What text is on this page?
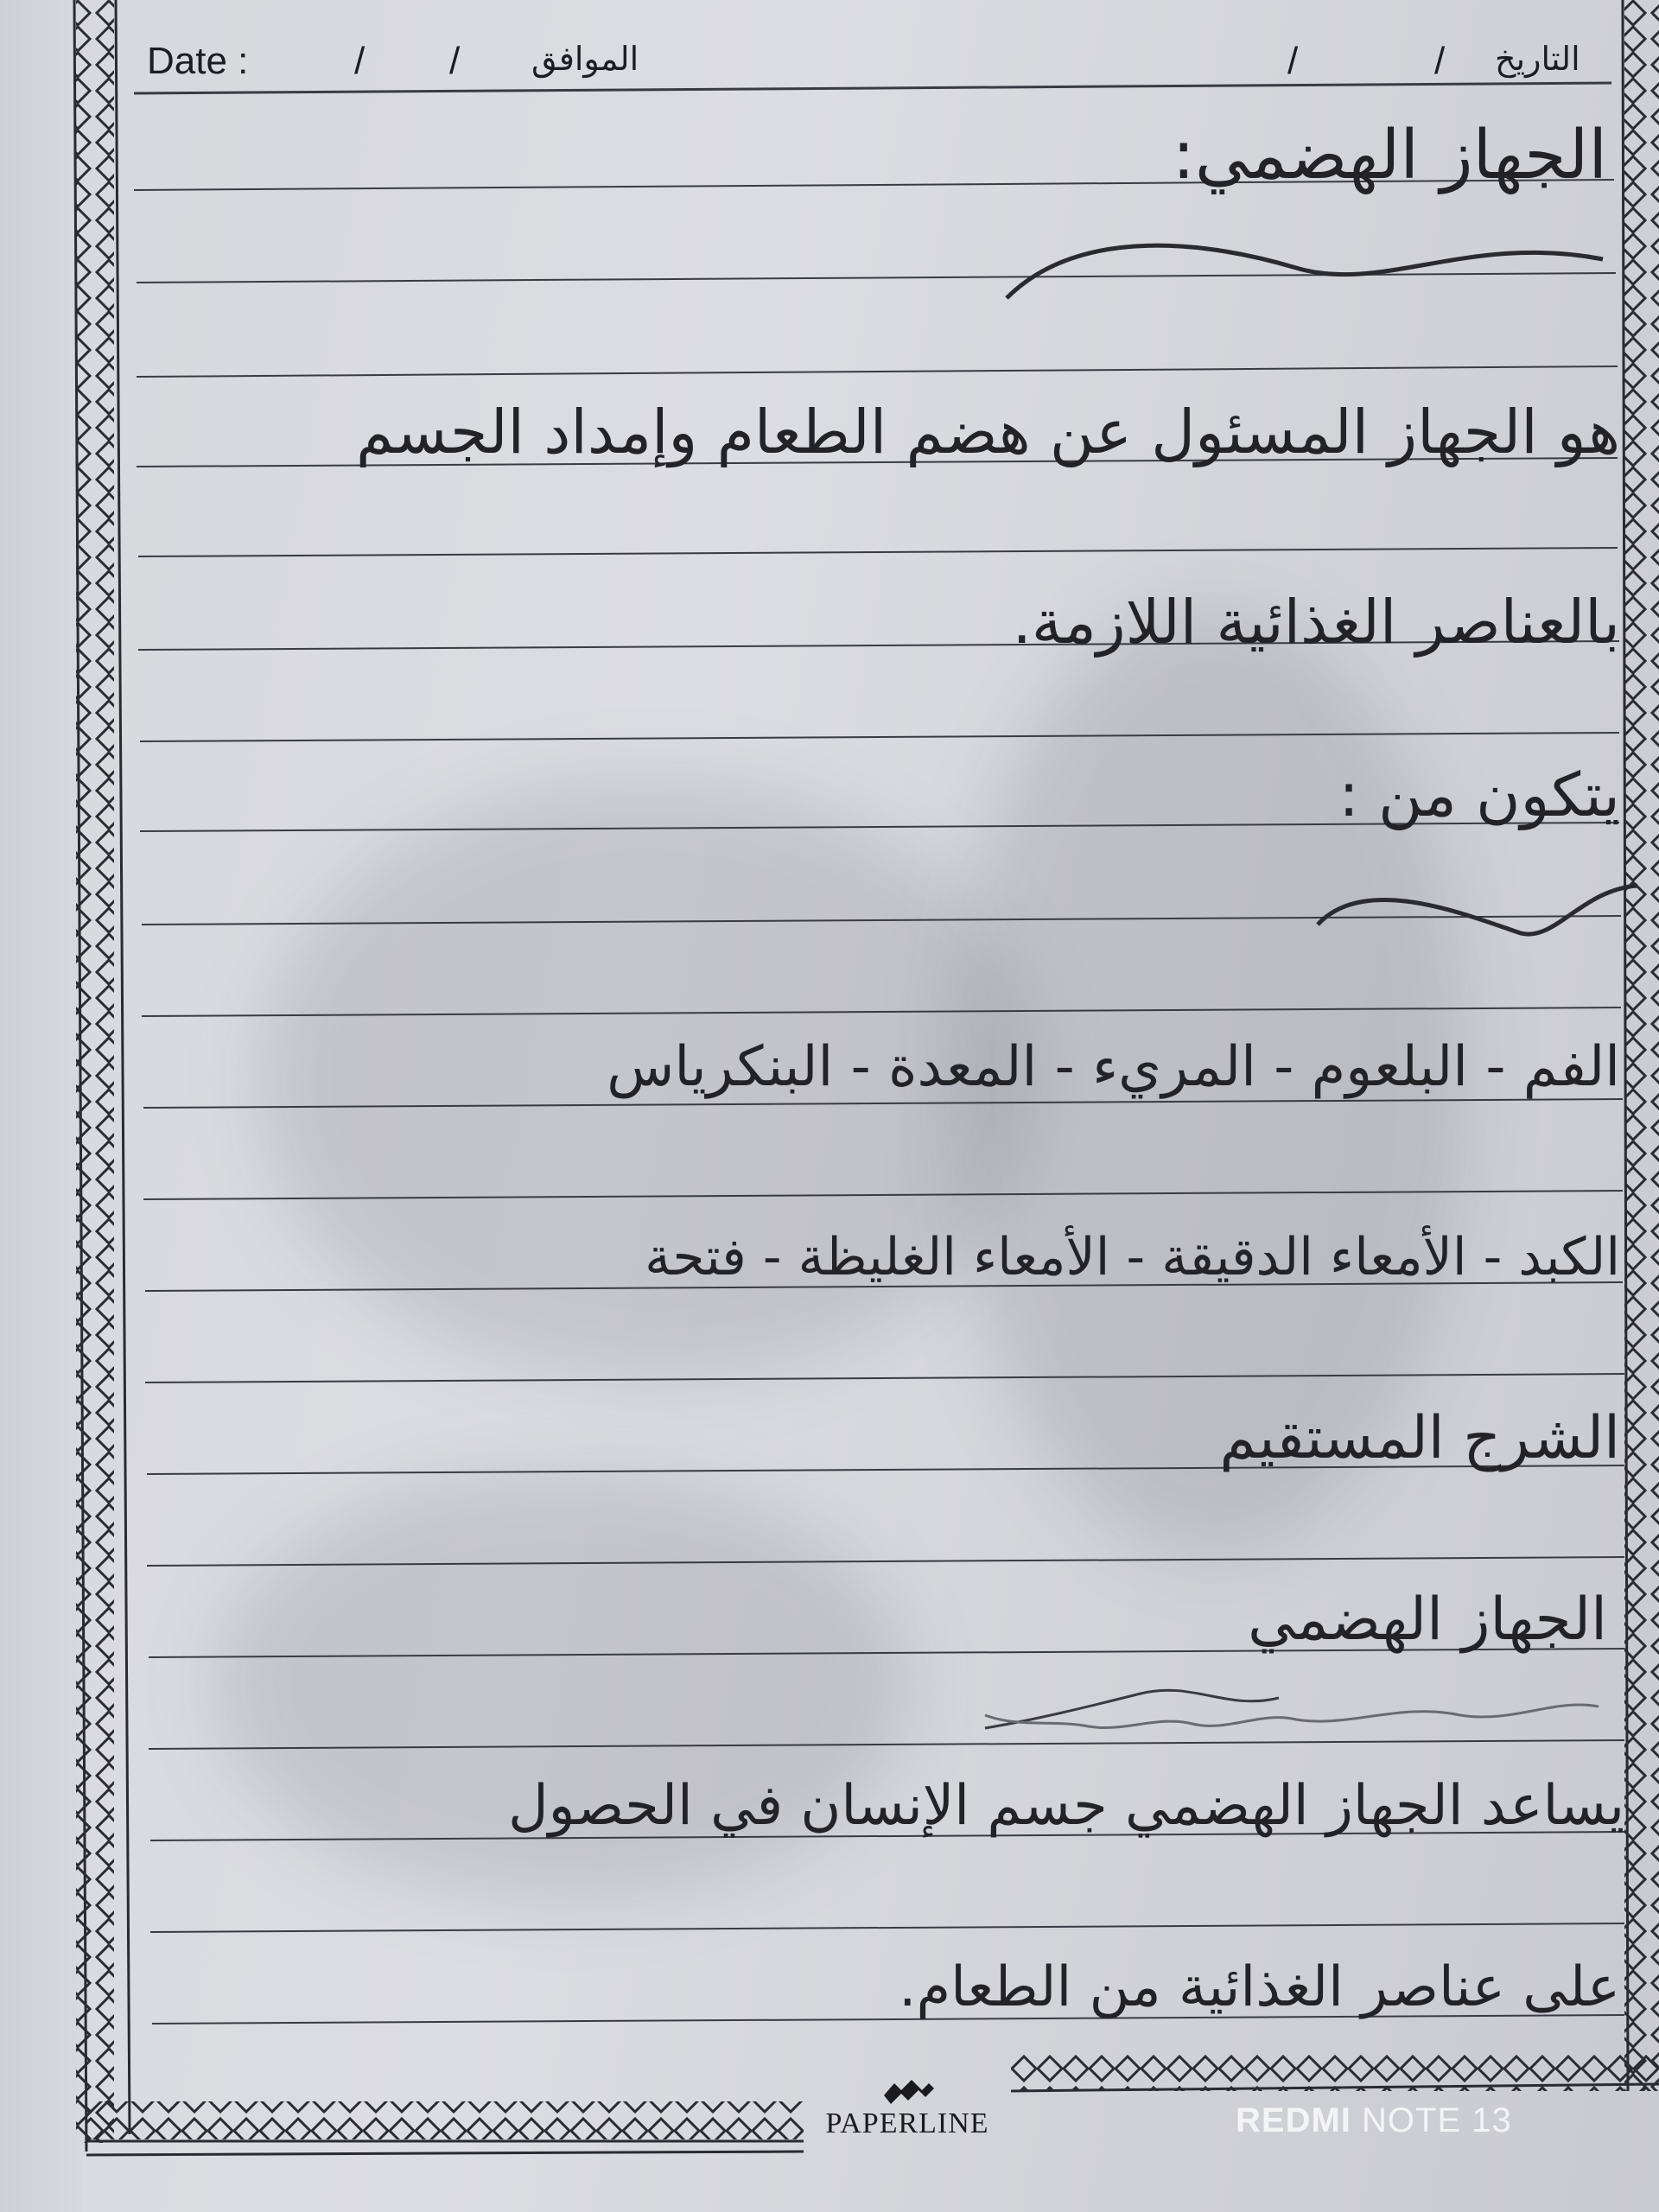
Date :	/ / الموافق	/	/ التاريخ
الجهاز الهضمي:
هو الجهاز المسئول عن هضم الطعام وإمداد الجسم
بالعناصر الغذائية اللازمة.
يتكون من :
الفم - البلعوم - المريء - المعدة - البنكرياس
الكبد - الأمعاء الدقيقة - الأمعاء الغليظة - فتحة
الشرج المستقيم
الجهاز الهضمي
يساعد الجهاز الهضمي جسم الإنسان في الحصول
على عناصر الغذائية من الطعام.
PAPERLINE	REDMI NOTE 13
